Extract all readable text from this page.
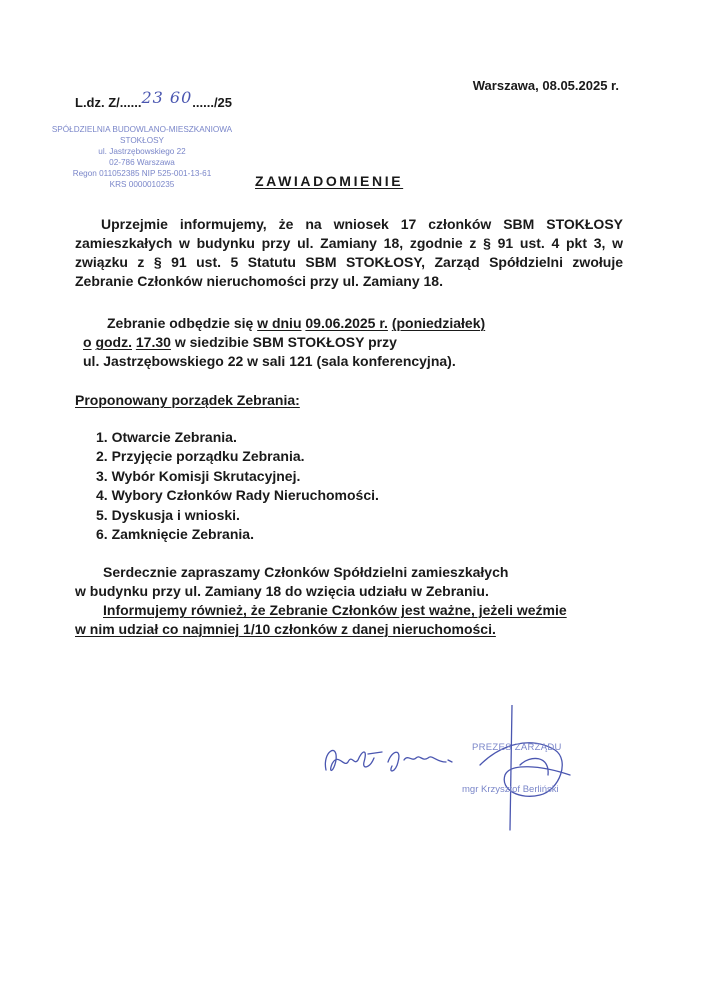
Warszawa, 08.05.2025 r.
L.dz. Z/......23 60....../25
SPÓŁDZIELNIA BUDOWLANO-MIESZKANIOWA
STOKŁOSY
ul. Jastrzębowskiego 22
02-786 Warszawa
Regon 011052385 NIP 525-001-13-61
KRS 0000010235	ZAWIADOMIENIE
Uprzejmie informujemy, że na wniosek 17 członków SBM STOKŁOSY zamieszkałych w budynku przy ul. Zamiany 18, zgodnie z § 91 ust. 4 pkt 3, w związku z § 91 ust. 5 Statutu SBM STOKŁOSY, Zarząd Spółdzielni zwołuje Zebranie Członków nieruchomości przy ul. Zamiany 18.
Zebranie odbędzie się w dniu 09.06.2025 r. (poniedziałek)
o godz. 17.30 w siedzibie SBM STOKŁOSY przy
ul. Jastrzębowskiego 22 w sali 121 (sala konferencyjna).
Proponowany porządek Zebrania:
1. Otwarcie Zebrania.
2. Przyjęcie porządku Zebrania.
3. Wybór Komisji Skrutacyjnej.
4. Wybory Członków Rady Nieruchomości.
5. Dyskusja i wnioski.
6. Zamknięcie Zebrania.
Serdecznie zapraszamy Członków Spółdzielni zamieszkałych
w budynku przy ul. Zamiany 18 do wzięcia udziału w Zebraniu.
Informujemy również, że Zebranie Członków jest ważne, jeżeli weźmie
w nim udział co najmniej 1/10 członków z danej nieruchomości.
PREZES ZARZĄDU
mgr Krzysztof Berliński
